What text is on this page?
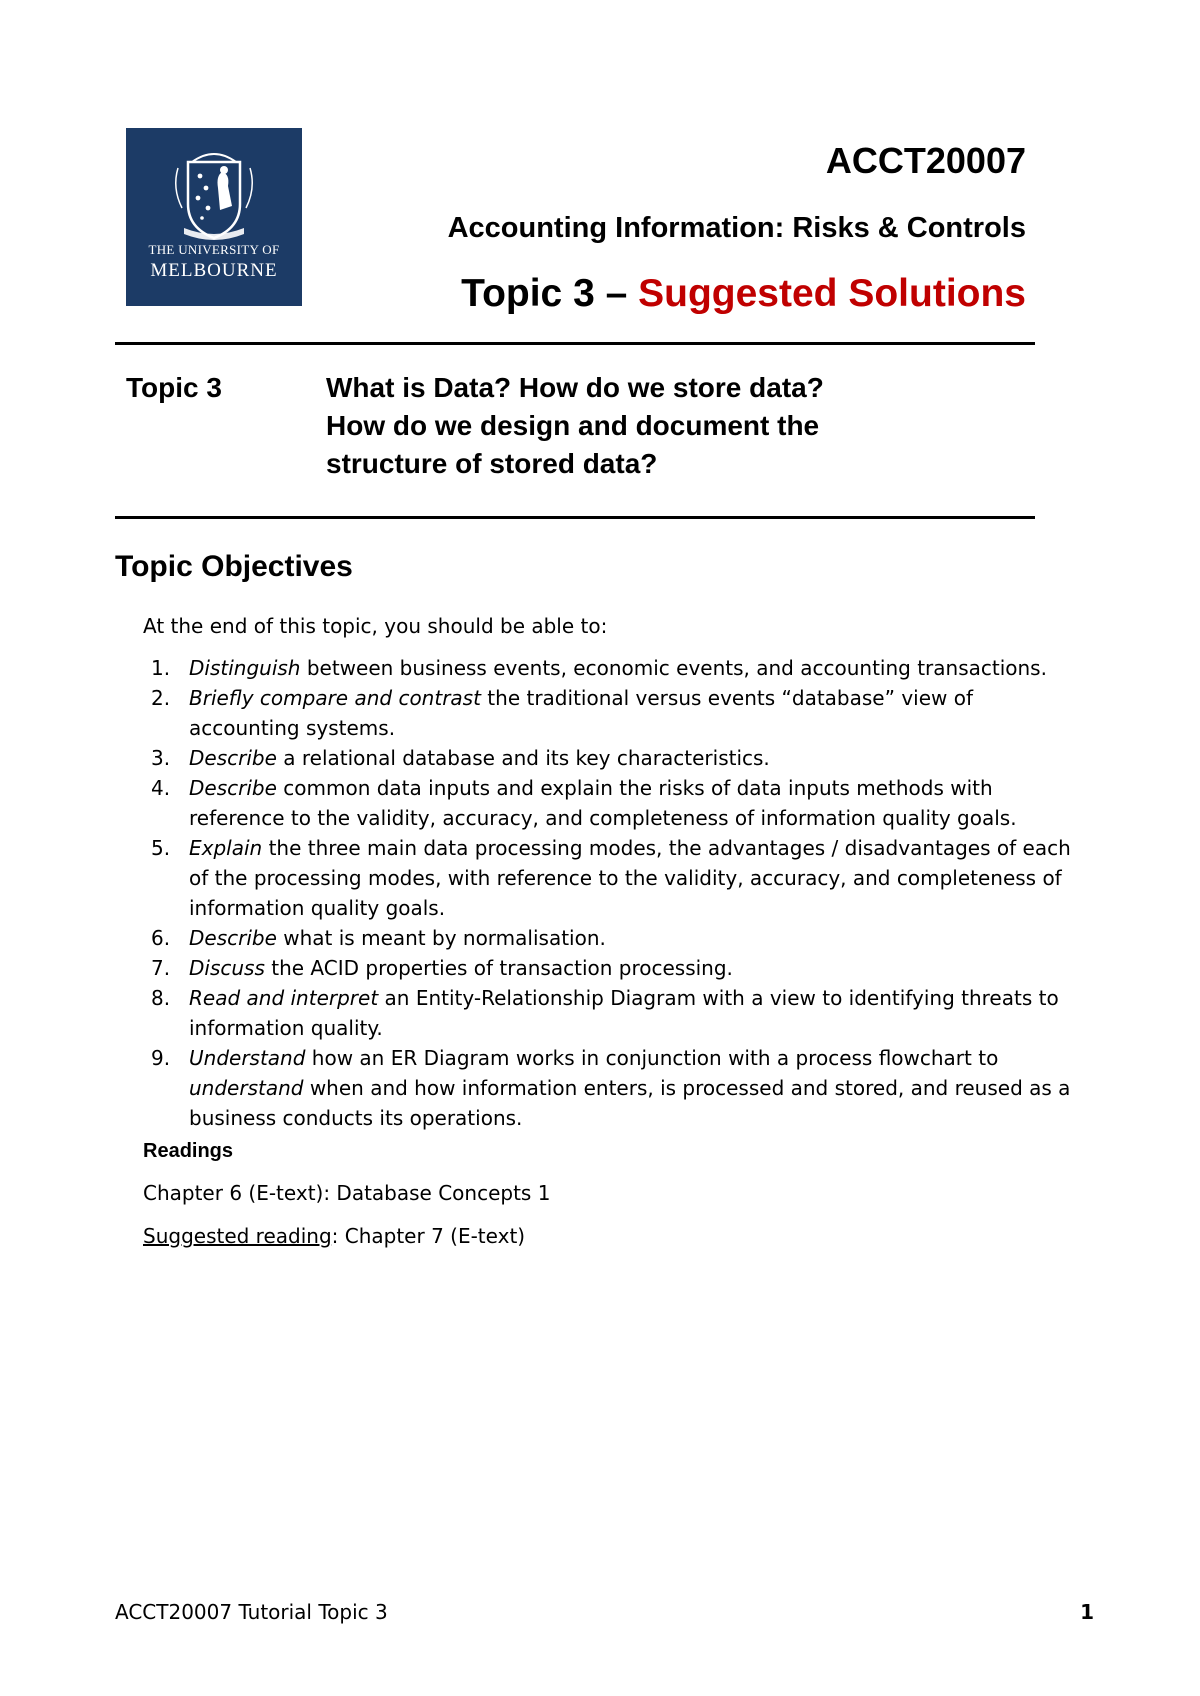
THE UNIVERSITY OF
MELBOURNE
ACCT20007
Accounting Information: Risks & Controls
Topic 3 – Suggested Solutions
Topic 3	What is Data? How do we store data?
How do we design and document the
structure of stored data?
Topic Objectives
At the end of this topic, you should be able to:
1. Distinguish between business events, economic events, and accounting transactions.
2. Briefly compare and contrast the traditional versus events “database” view of accounting systems.
3. Describe a relational database and its key characteristics.
4. Describe common data inputs and explain the risks of data inputs methods with reference to the validity, accuracy, and completeness of information quality goals.
5. Explain the three main data processing modes, the advantages / disadvantages of each of the processing modes, with reference to the validity, accuracy, and completeness of information quality goals.
6. Describe what is meant by normalisation.
7. Discuss the ACID properties of transaction processing.
8. Read and interpret an Entity-Relationship Diagram with a view to identifying threats to information quality.
9. Understand how an ER Diagram works in conjunction with a process flowchart to understand when and how information enters, is processed and stored, and reused as a business conducts its operations.
Readings
Chapter 6 (E-text): Database Concepts 1
Suggested reading: Chapter 7 (E-text)
ACCT20007 Tutorial Topic 3	1
